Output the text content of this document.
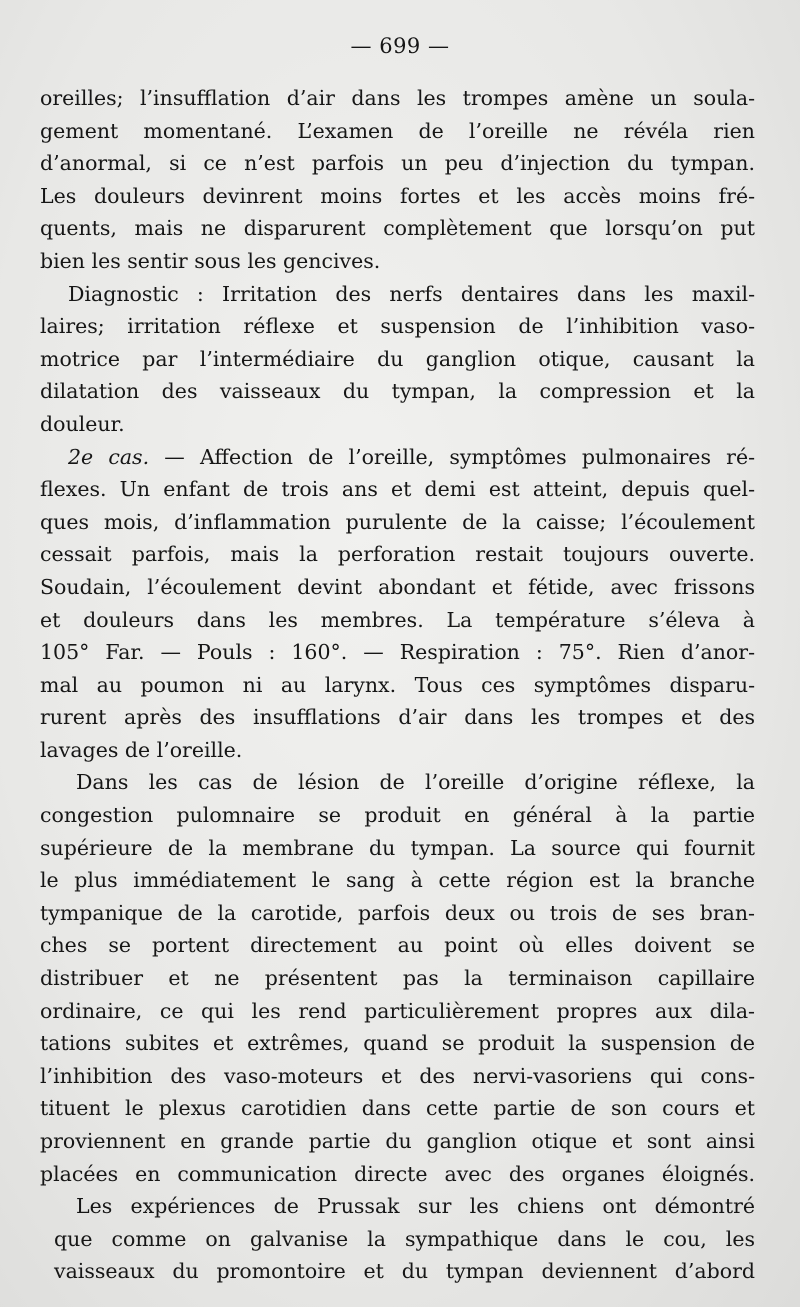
— 699 —
oreilles; l’insufflation d’air dans les trompes amène un soula-
gement momentané. L’examen de l’oreille ne révéla rien
d’anormal, si ce n’est parfois un peu d’injection du tympan.
Les douleurs devinrent moins fortes et les accès moins fré-
quents, mais ne disparurent complètement que lorsqu’on put
bien les sentir sous les gencives.
Diagnostic : Irritation des nerfs dentaires dans les maxil-
laires; irritation réflexe et suspension de l’inhibition vaso-
motrice par l’intermédiaire du ganglion otique, causant la
dilatation des vaisseaux du tympan, la compression et la
douleur.
2e cas. — Affection de l’oreille, symptômes pulmonaires ré-
flexes. Un enfant de trois ans et demi est atteint, depuis quel-
ques mois, d’inflammation purulente de la caisse; l’écoulement
cessait parfois, mais la perforation restait toujours ouverte.
Soudain, l’écoulement devint abondant et fétide, avec frissons
et douleurs dans les membres. La température s’éleva à
105° Far. — Pouls : 160°. — Respiration : 75°. Rien d’anor-
mal au poumon ni au larynx. Tous ces symptômes disparu-
rurent après des insufflations d’air dans les trompes et des
lavages de l’oreille.
Dans les cas de lésion de l’oreille d’origine réflexe, la
congestion pulomnaire se produit en général à la partie
supérieure de la membrane du tympan. La source qui fournit
le plus immédiatement le sang à cette région est la branche
tympanique de la carotide, parfois deux ou trois de ses bran-
ches se portent directement au point où elles doivent se
distribuer et ne présentent pas la terminaison capillaire
ordinaire, ce qui les rend particulièrement propres aux dila-
tations subites et extrêmes, quand se produit la suspension de
l’inhibition des vaso-moteurs et des nervi-vasoriens qui cons-
tituent le plexus carotidien dans cette partie de son cours et
proviennent en grande partie du ganglion otique et sont ainsi
placées en communication directe avec des organes éloignés.
Les expériences de Prussak sur les chiens ont démontré
que comme on galvanise la sympathique dans le cou, les
vaisseaux du promontoire et du tympan deviennent d’abord
